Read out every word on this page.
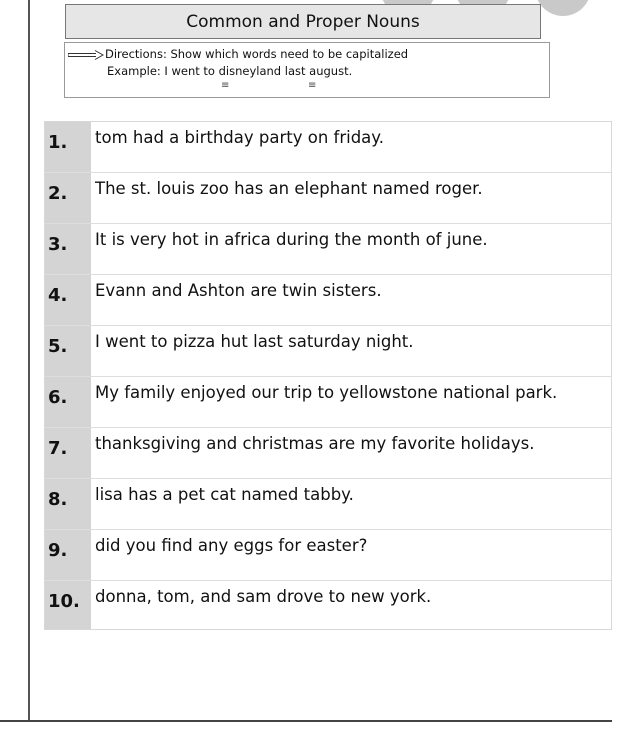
Common and Proper Nouns
Directions: Show which words need to be capitalized
Example: I went to disneyland last august.
≡	≡
1. tom had a birthday party on friday.
2. The st. louis zoo has an elephant named roger.
3. It is very hot in africa during the month of june.
4. Evann and Ashton are twin sisters.
5. I went to pizza hut last saturday night.
6. My family enjoyed our trip to yellowstone national park.
7. thanksgiving and christmas are my favorite holidays.
8. lisa has a pet cat named tabby.
9. did you find any eggs for easter?
10. donna, tom, and sam drove to new york.
